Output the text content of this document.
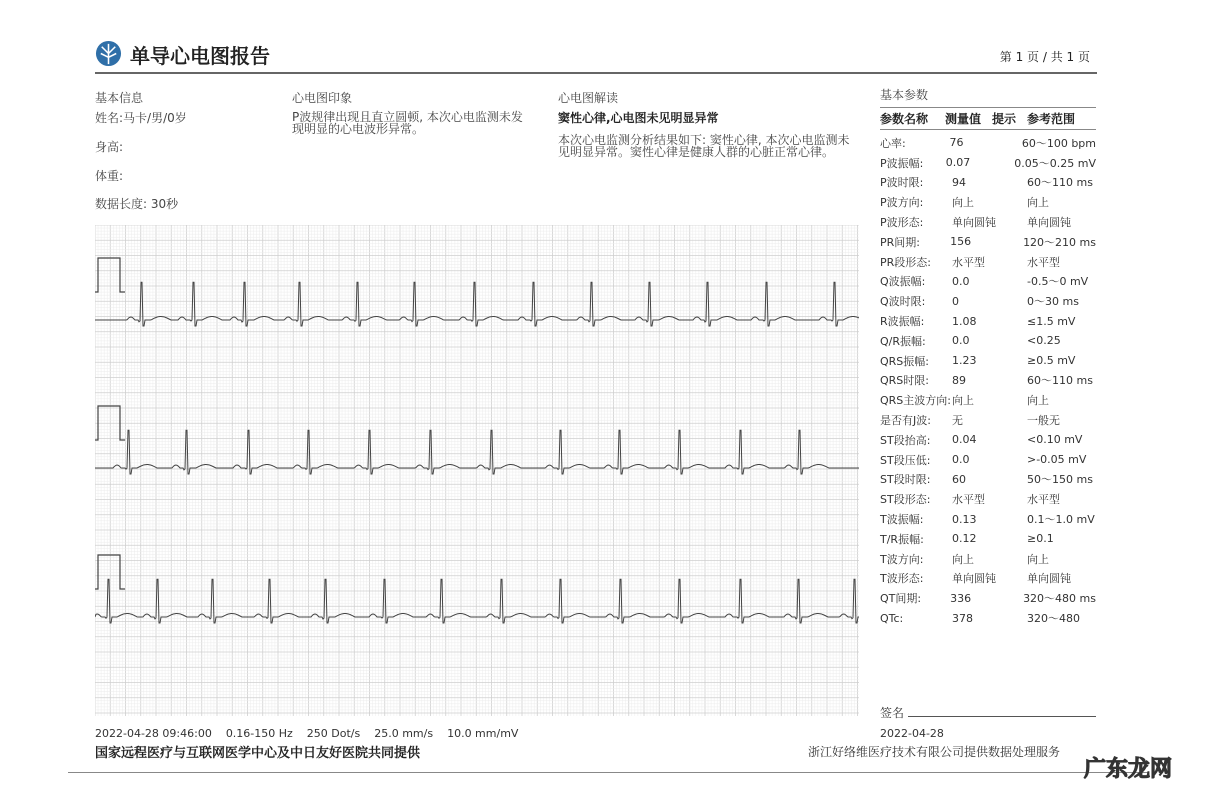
单导心电图报告	第 1 页 / 共 1 页
基本信息
姓名:马卡/男/0岁
身高:
体重:
数据长度: 30秒
心电图印象
P波规律出现且直立圆顿, 本次心电监测未发现明显的心电波形异常。
心电图解读
窦性心律,心电图未见明显异常
本次心电监测分析结果如下: 窦性心律, 本次心电监测未见明显异常。窦性心律是健康人群的心脏正常心律。
基本参数
参数名称	测量值 提示 参考范围
心率:	76	60～100 bpm
P波振幅:	0.07	0.05～0.25 mV
P波时限:	94	60～110 ms
P波方向:	向上	向上
P波形态:	单向圆钝	单向圆钝
PR间期:	156	120～210 ms
PR段形态:	水平型	水平型
Q波振幅:	0.0	-0.5～0 mV
Q波时限:	0	0～30 ms
R波振幅:	1.08	≤1.5 mV
Q/R振幅:	0.0	<0.25
QRS振幅:	1.23	≥0.5 mV
QRS时限:	89	60～110 ms
QRS主波方向: 向上	向上
是否有J波:	无	一般无
ST段抬高:	0.04	<0.10 mV
ST段压低:	0.0	>-0.05 mV
ST段时限:	60	50～150 ms
ST段形态:	水平型	水平型
T波振幅:	0.13	0.1～1.0 mV
T/R振幅:	0.12	≥0.1
T波方向:	向上	向上
T波形态:	单向圆钝	单向圆钝
QT间期:	336	320～480 ms
QTc:	378	320～480
签名
2022-04-28 09:46:00    0.16-150 Hz    250 Dot/s    25.0 mm/s    10.0 mm/mV
国家远程医疗与互联网医学中心及中日友好医院共同提供
2022-04-28
浙江好络维医疗技术有限公司提供数据处理服务
广东龙网
